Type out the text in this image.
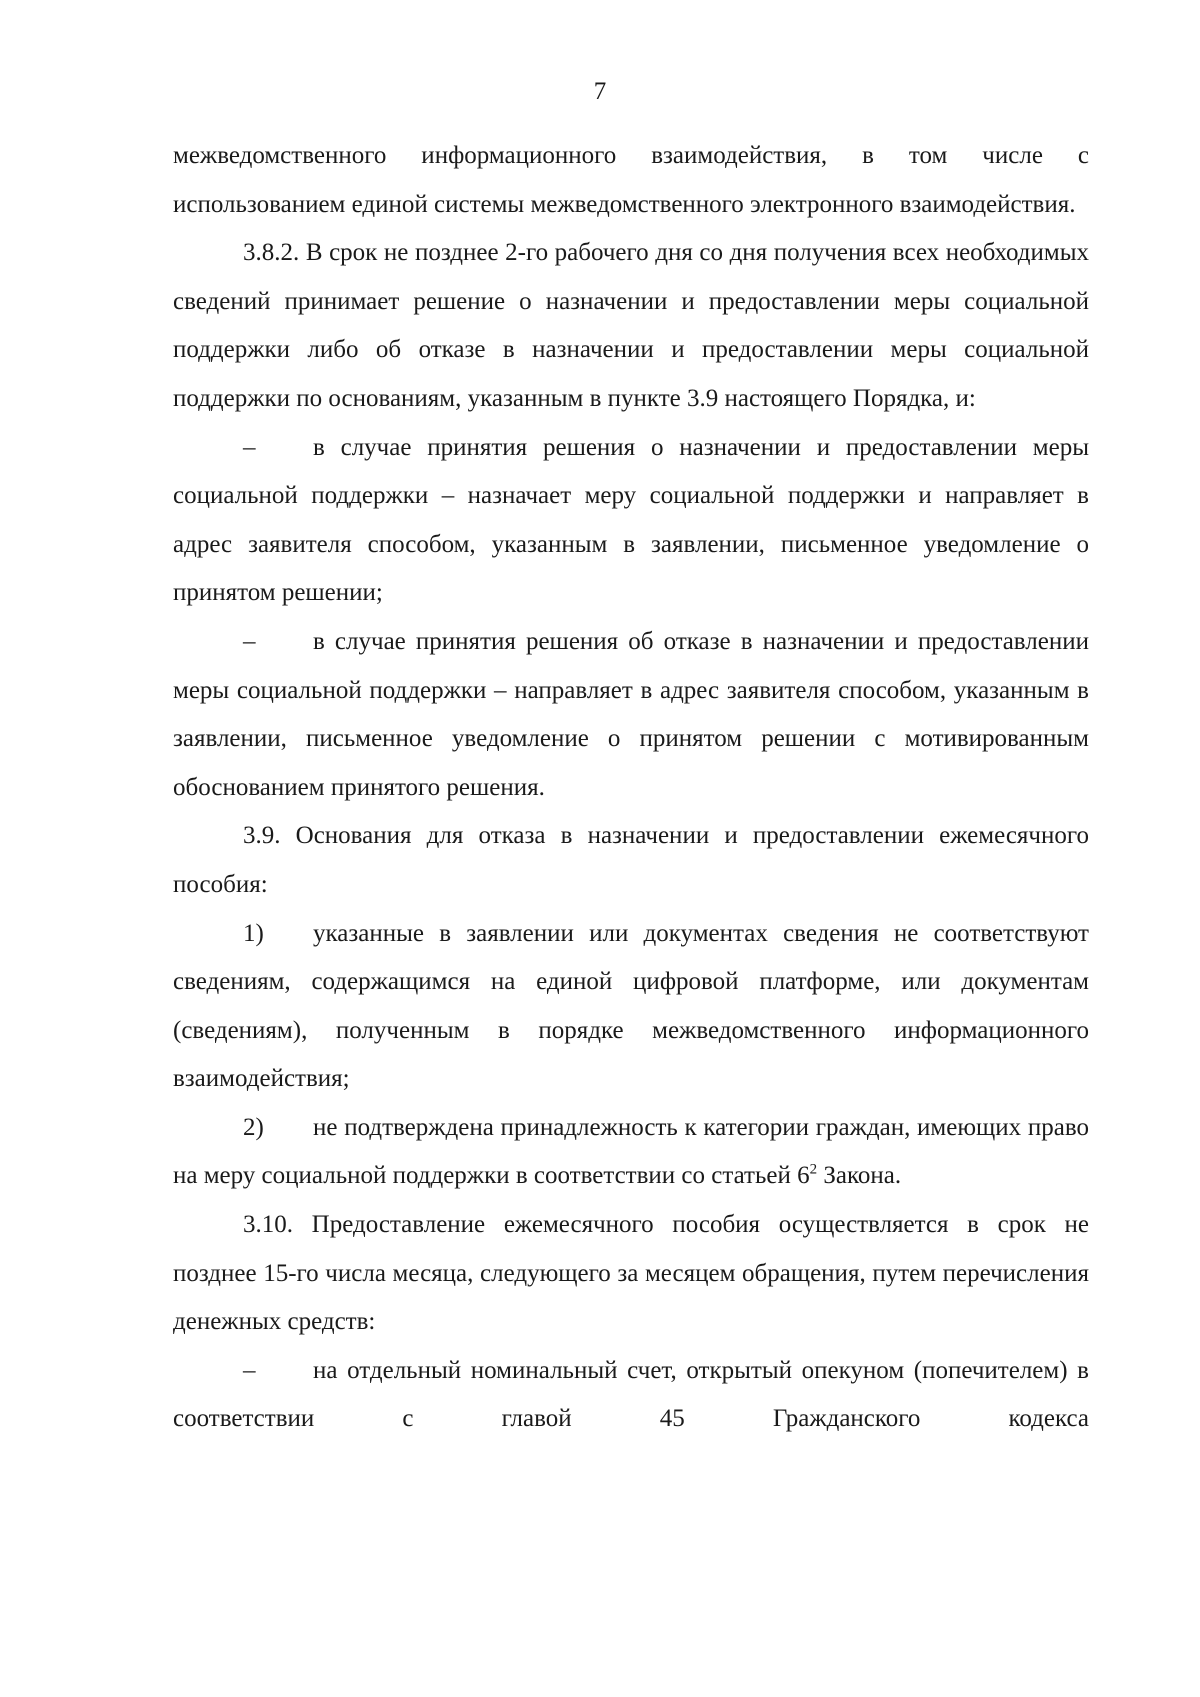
7

межведомственного информационного взаимодействия, в том числе с использованием единой системы межведомственного электронного взаимодействия.

3.8.2. В срок не позднее 2-го рабочего дня со дня получения всех необходимых сведений принимает решение о назначении и предоставлении меры социальной поддержки либо об отказе в назначении и предоставлении меры социальной поддержки по основаниям, указанным в пункте 3.9 настоящего Порядка, и:

– в случае принятия решения о назначении и предоставлении меры социальной поддержки – назначает меру социальной поддержки и направляет в адрес заявителя способом, указанным в заявлении, письменное уведомление о принятом решении;

– в случае принятия решения об отказе в назначении и предоставлении меры социальной поддержки – направляет в адрес заявителя способом, указанным в заявлении, письменное уведомление о принятом решении с мотивированным обоснованием принятого решения.

3.9. Основания для отказа в назначении и предоставлении ежемесячного пособия:

1) указанные в заявлении или документах сведения не соответствуют сведениям, содержащимся на единой цифровой платформе, или документам (сведениям), полученным в порядке межведомственного информационного взаимодействия;

2) не подтверждена принадлежность к категории граждан, имеющих право на меру социальной поддержки в соответствии со статьей $6^2$ Закона.

3.10. Предоставление ежемесячного пособия осуществляется в срок не позднее 15-го числа месяца, следующего за месяцем обращения, путем перечисления денежных средств:

– на отдельный номинальный счет, открытый опекуном (попечителем) в соответствии с главой 45 Гражданского кодекса
